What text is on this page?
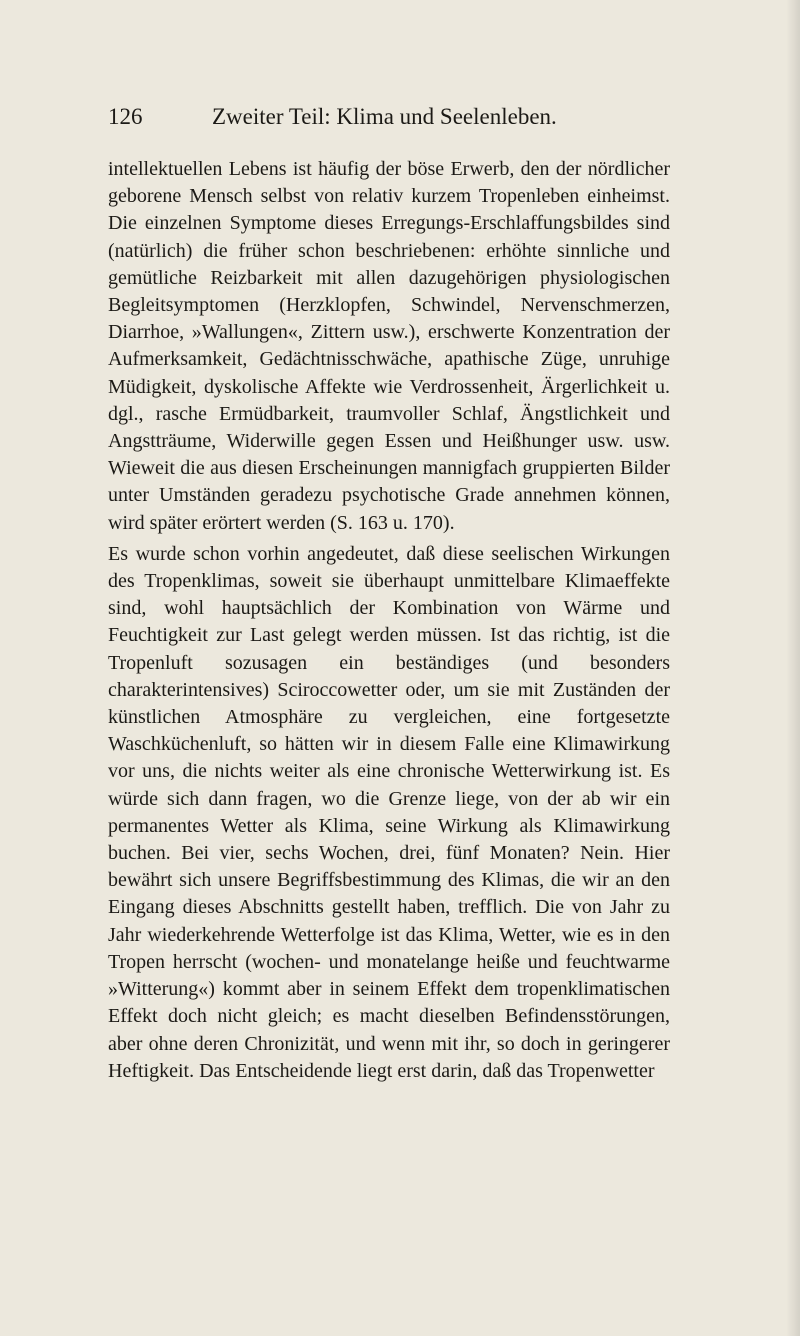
126	Zweiter Teil: Klima und Seelenleben.

intellektuellen Lebens ist häufig der böse Erwerb, den der nördlicher geborene Mensch selbst von relativ kurzem Tropenleben einheimst. Die einzelnen Symptome dieses Erregungs-Erschlaffungsbildes sind (natürlich) die früher schon beschriebenen: erhöhte sinnliche und gemütliche Reizbarkeit mit allen dazugehörigen physiologischen Begleitsymptomen (Herzklopfen, Schwindel, Nervenschmerzen, Diarrhoe, »Wallungen«, Zittern usw.), erschwerte Konzentration der Aufmerksamkeit, Gedächtnisschwäche, apathische Züge, unruhige Müdigkeit, dyskolische Affekte wie Verdrossenheit, Ärgerlichkeit u. dgl., rasche Ermüdbarkeit, traumvoller Schlaf, Ängstlichkeit und Angstträume, Widerwille gegen Essen und Heißhunger usw. usw. Wieweit die aus diesen Erscheinungen mannigfach gruppierten Bilder unter Umständen geradezu psychotische Grade annehmen können, wird später erörtert werden (S. 163 u. 170).

Es wurde schon vorhin angedeutet, daß diese seelischen Wirkungen des Tropenklimas, soweit sie überhaupt unmittelbare Klimaeffekte sind, wohl hauptsächlich der Kombination von Wärme und Feuchtigkeit zur Last gelegt werden müssen. Ist das richtig, ist die Tropenluft sozusagen ein beständiges (und besonders charakterintensives) Sciroccowetter oder, um sie mit Zuständen der künstlichen Atmosphäre zu vergleichen, eine fortgesetzte Waschküchenluft, so hätten wir in diesem Falle eine Klimawirkung vor uns, die nichts weiter als eine chronische Wetterwirkung ist. Es würde sich dann fragen, wo die Grenze liege, von der ab wir ein permanentes Wetter als Klima, seine Wirkung als Klimawirkung buchen. Bei vier, sechs Wochen, drei, fünf Monaten? Nein. Hier bewährt sich unsere Begriffsbestimmung des Klimas, die wir an den Eingang dieses Abschnitts gestellt haben, trefflich. Die von Jahr zu Jahr wiederkehrende Wetterfolge ist das Klima, Wetter, wie es in den Tropen herrscht (wochen- und monatelange heiße und feuchtwarme »Witterung«) kommt aber in seinem Effekt dem tropenklimatischen Effekt doch nicht gleich; es macht dieselben Befindensstörungen, aber ohne deren Chronizität, und wenn mit ihr, so doch in geringerer Heftigkeit. Das Entscheidende liegt erst darin, daß das Tropenwetter
